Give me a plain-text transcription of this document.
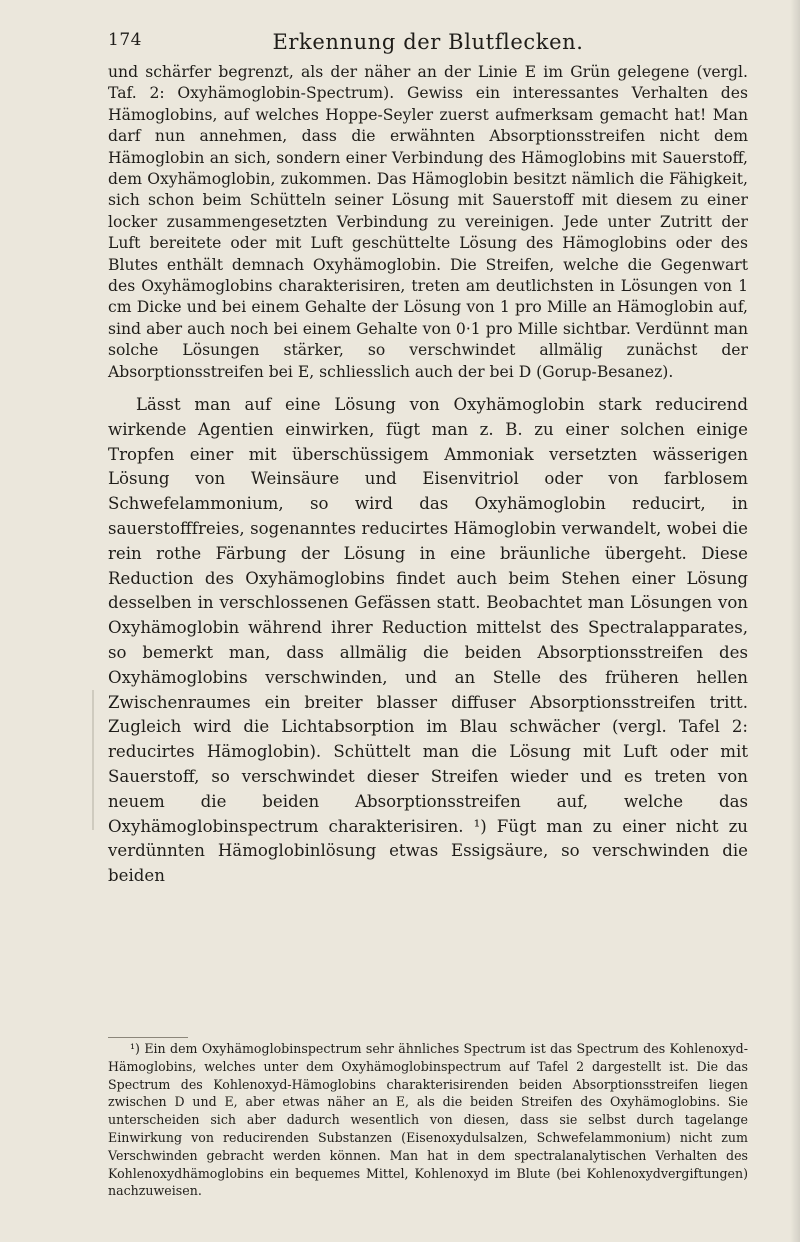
174	Erkennung der Blutflecken.

und schärfer begrenzt, als der näher an der Linie E im Grün gelegene (vergl. Taf. 2: Oxyhämoglobin-Spectrum). Gewiss ein interessantes Verhalten des Hämoglobins, auf welches Hoppe-Seyler zuerst aufmerksam gemacht hat! Man darf nun annehmen, dass die erwähnten Absorptionsstreifen nicht dem Hämoglobin an sich, sondern einer Verbindung des Hämoglobins mit Sauerstoff, dem Oxyhämoglobin, zukommen. Das Hämoglobin besitzt nämlich die Fähigkeit, sich schon beim Schütteln seiner Lösung mit Sauerstoff mit diesem zu einer locker zusammengesetzten Verbindung zu vereinigen. Jede unter Zutritt der Luft bereitete oder mit Luft geschüttelte Lösung des Hämoglobins oder des Blutes enthält demnach Oxyhämoglobin. Die Streifen, welche die Gegenwart des Oxyhämoglobins charakterisiren, treten am deutlichsten in Lösungen von 1 cm Dicke und bei einem Gehalte der Lösung von 1 pro Mille an Hämoglobin auf, sind aber auch noch bei einem Gehalte von 0·1 pro Mille sichtbar. Verdünnt man solche Lösungen stärker, so verschwindet allmälig zunächst der Absorptionsstreifen bei E, schliesslich auch der bei D (Gorup-Besanez).

Lässt man auf eine Lösung von Oxyhämoglobin stark reducirend wirkende Agentien einwirken, fügt man z. B. zu einer solchen einige Tropfen einer mit überschüssigem Ammoniak versetzten wässerigen Lösung von Weinsäure und Eisenvitriol oder von farblosem Schwefelammonium, so wird das Oxyhämoglobin reducirt, in sauerstofffreies, sogenanntes reducirtes Hämoglobin verwandelt, wobei die rein rothe Färbung der Lösung in eine bräunliche übergeht. Diese Reduction des Oxyhämoglobins findet auch beim Stehen einer Lösung desselben in verschlossenen Gefässen statt. Beobachtet man Lösungen von Oxyhämoglobin während ihrer Reduction mittelst des Spectralapparates, so bemerkt man, dass allmälig die beiden Absorptionsstreifen des Oxyhämoglobins verschwinden, und an Stelle des früheren hellen Zwischenraumes ein breiter blasser diffuser Absorptionsstreifen tritt. Zugleich wird die Lichtabsorption im Blau schwächer (vergl. Tafel 2: reducirtes Hämoglobin). Schüttelt man die Lösung mit Luft oder mit Sauerstoff, so verschwindet dieser Streifen wieder und es treten von neuem die beiden Absorptionsstreifen auf, welche das Oxyhämoglobinspectrum charakterisiren. ¹) Fügt man zu einer nicht zu verdünnten Hämoglobinlösung etwas Essigsäure, so verschwinden die beiden

¹) Ein dem Oxyhämoglobinspectrum sehr ähnliches Spectrum ist das Spectrum des Kohlenoxyd-Hämoglobins, welches unter dem Oxyhämoglobinspectrum auf Tafel 2 dargestellt ist. Die das Spectrum des Kohlenoxyd-Hämoglobins charakterisirenden beiden Absorptionsstreifen liegen zwischen D und E, aber etwas näher an E, als die beiden Streifen des Oxyhämoglobins. Sie unterscheiden sich aber dadurch wesentlich von diesen, dass sie selbst durch tagelange Einwirkung von reducirenden Substanzen (Eisenoxydulsalzen, Schwefelammonium) nicht zum Verschwinden gebracht werden können. Man hat in dem spectralanalytischen Verhalten des Kohlenoxydhämoglobins ein bequemes Mittel, Kohlenoxyd im Blute (bei Kohlenoxydvergiftungen) nachzuweisen.
